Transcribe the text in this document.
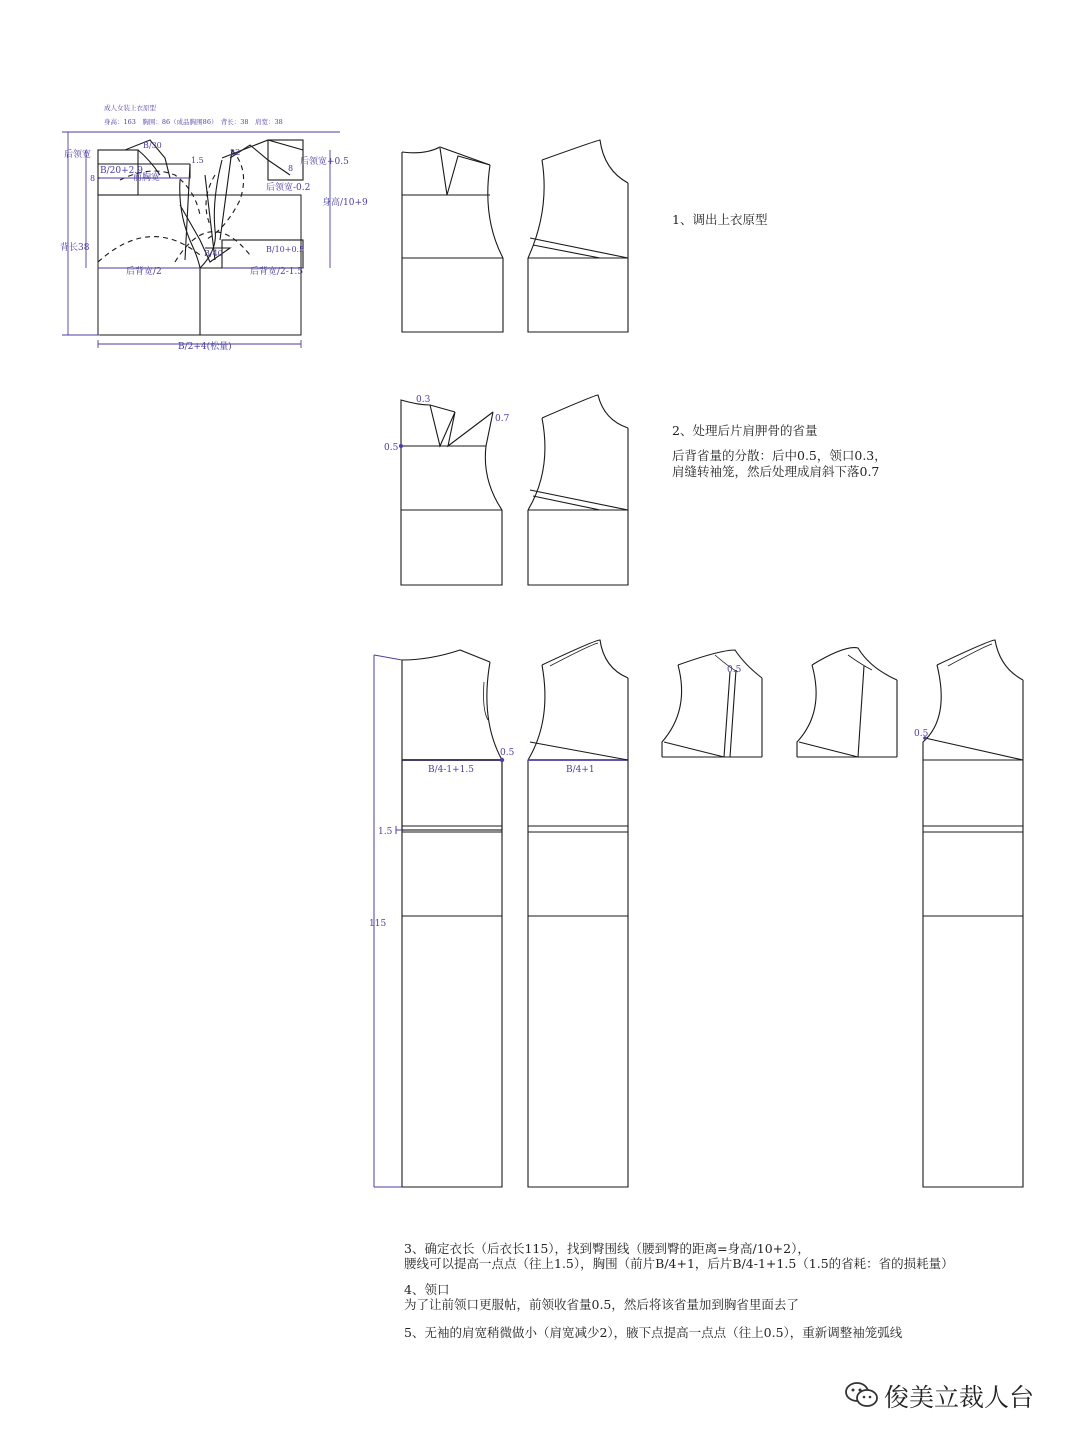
成人女装上衣原型
身高：163　胸围：86（成品胸围86）　背长：38　肩宽：38
后领宽
B/30
B/20+2.9
1.5
前胸宽
22
后领宽+0.5
后领宽-0.2
身高/10+9
背长38
8
8
后背宽/2
B/40	B/10+0.5
后背宽/2-1.5
B/2+4(松量)
0.3
0.7
0.5
115
1.5
B/4-1+1.5	B/4+1
0.5
0.5
0.5
1、调出上衣原型
2、处理后片肩胛骨的省量
后背省量的分散：后中0.5，领口0.3，
肩缝转袖笼，然后处理成肩斜下落0.7
3、确定衣长（后衣长115），找到臀围线（腰到臀的距离=身高/10+2），
腰线可以提高一点点（往上1.5），胸围（前片B/4+1，后片B/4-1+1.5（1.5的省耗：省的损耗量）
4、领口
为了让前领口更服帖，前领收省量0.5，然后将该省量加到胸省里面去了
5、无袖的肩宽稍微做小（肩宽减少2），腋下点提高一点点（往上0.5），重新调整袖笼弧线
俊美立裁人台
